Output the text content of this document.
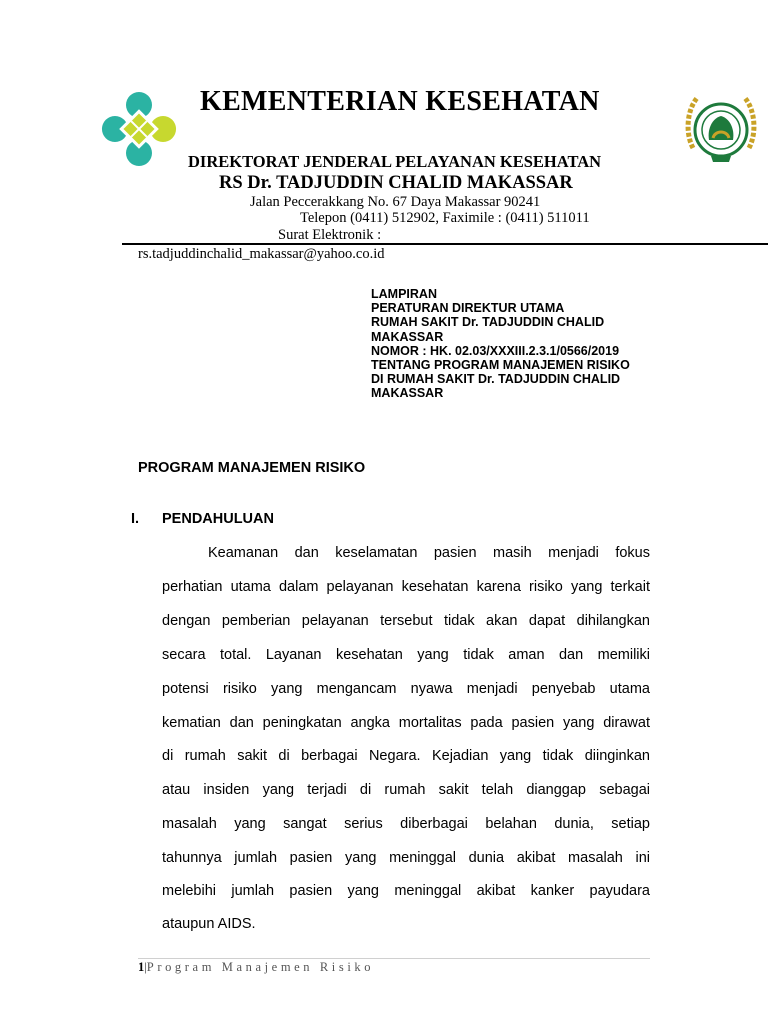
KEMENTERIAN KESEHATAN
DIREKTORAT JENDERAL PELAYANAN KESEHATAN
RS Dr. TADJUDDIN CHALID MAKASSAR
Jalan Peccerakkang No. 67 Daya Makassar 90241
Telepon (0411) 512902, Faximile : (0411) 511011
Surat Elektronik :
rs.tadjuddinchalid_makassar@yahoo.co.id
LAMPIRAN
PERATURAN DIREKTUR UTAMA
RUMAH SAKIT Dr. TADJUDDIN CHALID
MAKASSAR
NOMOR : HK. 02.03/XXXIII.2.3.1/0566/2019
TENTANG PROGRAM MANAJEMEN RISIKO
DI RUMAH SAKIT Dr. TADJUDDIN CHALID
MAKASSAR
PROGRAM MANAJEMEN RISIKO
I. PENDAHULUAN
Keamanan dan keselamatan pasien masih menjadi fokus
perhatian utama dalam pelayanan kesehatan karena risiko yang terkait
dengan pemberian pelayanan tersebut tidak akan dapat dihilangkan
secara total. Layanan kesehatan yang tidak aman dan memiliki
potensi risiko yang mengancam nyawa menjadi penyebab utama
kematian dan peningkatan angka mortalitas pada pasien yang dirawat
di rumah sakit di berbagai Negara. Kejadian yang tidak diinginkan
atau insiden yang terjadi di rumah sakit telah dianggap sebagai
masalah yang sangat serius diberbagai belahan dunia, setiap
tahunnya jumlah pasien yang meninggal dunia akibat masalah ini
melebihi jumlah pasien yang meninggal akibat kanker payudara
ataupun AIDS.
1|Program Manajemen Risiko
